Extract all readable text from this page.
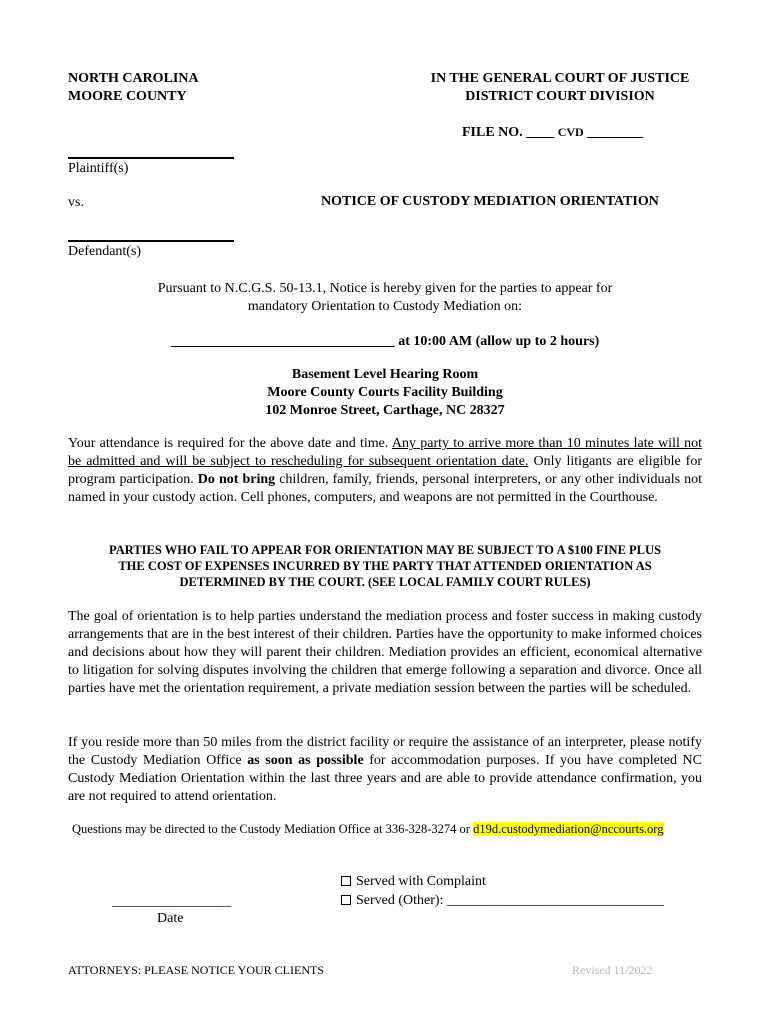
NORTH CAROLINA
MOORE COUNTY
IN THE GENERAL COURT OF JUSTICE
DISTRICT COURT DIVISION
FILE NO. ____ CVD ________
Plaintiff(s)
vs.	NOTICE OF CUSTODY MEDIATION ORIENTATION
Defendant(s)
Pursuant to N.C.G.S. 50-13.1, Notice is hereby given for the parties to appear for
mandatory Orientation to Custody Mediation on:
________________________________ at 10:00 AM (allow up to 2 hours)
Basement Level Hearing Room
Moore County Courts Facility Building
102 Monroe Street, Carthage, NC 28327
Your attendance is required for the above date and time. Any party to arrive more than 10 minutes late will not be admitted and will be subject to rescheduling for subsequent orientation date. Only litigants are eligible for program participation. Do not bring children, family, friends, personal interpreters, or any other individuals not named in your custody action. Cell phones, computers, and weapons are not permitted in the Courthouse.
PARTIES WHO FAIL TO APPEAR FOR ORIENTATION MAY BE SUBJECT TO A $100 FINE PLUS
THE COST OF EXPENSES INCURRED BY THE PARTY THAT ATTENDED ORIENTATION AS
DETERMINED BY THE COURT. (SEE LOCAL FAMILY COURT RULES)
The goal of orientation is to help parties understand the mediation process and foster success in making custody arrangements that are in the best interest of their children. Parties have the opportunity to make informed choices and decisions about how they will parent their children. Mediation provides an efficient, economical alternative to litigation for solving disputes involving the children that emerge following a separation and divorce. Once all parties have met the orientation requirement, a private mediation session between the parties will be scheduled.
If you reside more than 50 miles from the district facility or require the assistance of an interpreter, please notify the Custody Mediation Office as soon as possible for accommodation purposes. If you have completed NC Custody Mediation Orientation within the last three years and are able to provide attendance confirmation, you are not required to attend orientation.
Questions may be directed to the Custody Mediation Office at 336-328-3274 or d19d.custodymediation@nccourts.org
Served with Complaint
Served (Other): _______________________________
_________________
Date
ATTORNEYS: PLEASE NOTICE YOUR CLIENTS	Revised 11/2022
